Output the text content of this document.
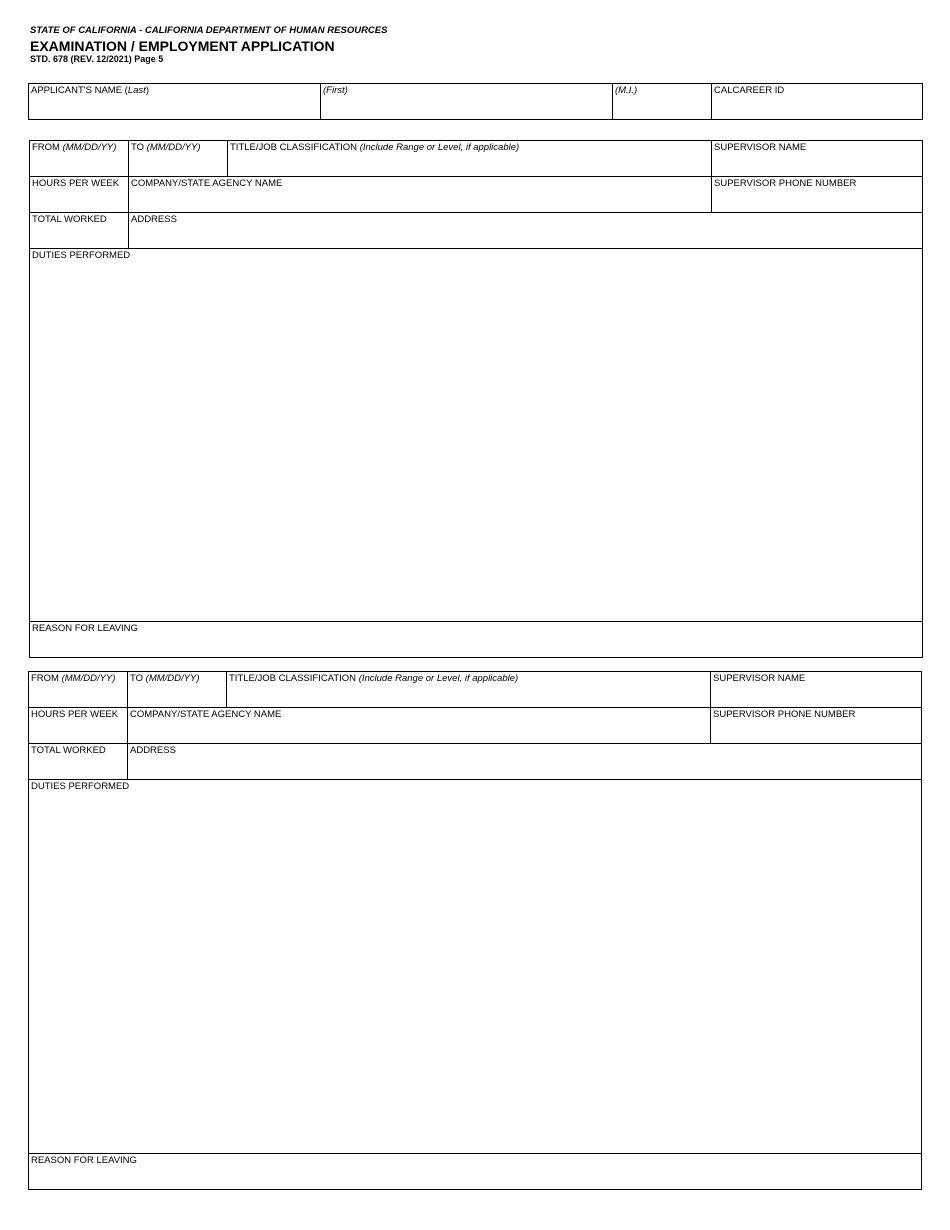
STATE OF CALIFORNIA - CALIFORNIA DEPARTMENT OF HUMAN RESOURCES
EXAMINATION / EMPLOYMENT APPLICATION
STD. 678 (REV. 12/2021) Page 5
APPLICANT'S NAME (Last)	(First)	(M.I.)	CALCAREER ID
FROM (MM/DD/YY)	TO (MM/DD/YY)	TITLE/JOB CLASSIFICATION (Include Range or Level, if applicable)	SUPERVISOR NAME
HOURS PER WEEK	COMPANY/STATE AGENCY NAME	SUPERVISOR PHONE NUMBER
TOTAL WORKED	ADDRESS
DUTIES PERFORMED
REASON FOR LEAVING
FROM (MM/DD/YY)	TO (MM/DD/YY)	TITLE/JOB CLASSIFICATION (Include Range or Level, if applicable)	SUPERVISOR NAME
HOURS PER WEEK	COMPANY/STATE AGENCY NAME	SUPERVISOR PHONE NUMBER
TOTAL WORKED	ADDRESS
DUTIES PERFORMED
REASON FOR LEAVING
